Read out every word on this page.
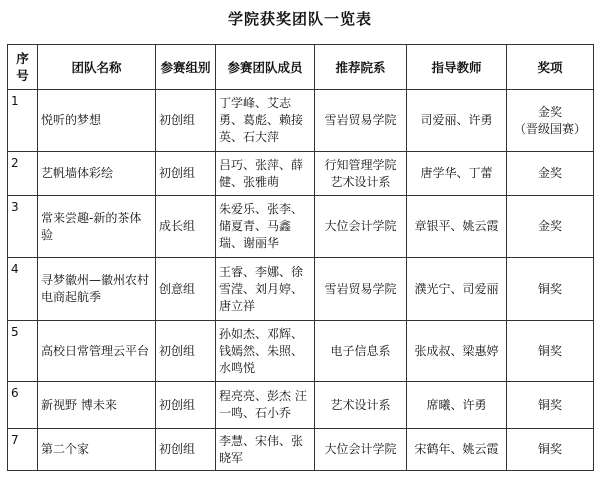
学院获奖团队一览表
序号	团队名称	参赛组别	参赛团队成员	推荐院系	指导教师	奖项
1	悦听的梦想	初创组	丁学峰、艾志勇、葛彪、赖接英、石大萍	雪岩贸易学院	司爱丽、许勇	金奖
（晋级国赛）

2	艺帆墙体彩绘	初创组	吕巧、张萍、薛健、张雅萌	行知管理学院 艺术设计系	唐学华、丁蕾	金奖

3	常来尝趣-新的茶体验	成长组	朱爱乐、张李、储夏青、马鑫瑞、谢丽华	大位会计学院	章银平、姚云霞	金奖

4	寻梦徽州—徽州农村电商起航季	创意组	王睿、李娜、徐雪滢、刘月婷、唐立祥	雪岩贸易学院	濮光宁、司爱丽	铜奖

5	高校日常管理云平台	初创组	孙如杰、邓辉、钱嫣然、朱照、水鸣悦	电子信息系	张成叔、梁惠婷	铜奖

6	新视野 博未来	初创组	程亮亮、彭杰 汪一鸣、石小乔	艺术设计系	席曦、许勇	铜奖

7	第二个家	初创组	李慧、宋伟、张晓军	大位会计学院	宋鹤年、姚云霞	铜奖
